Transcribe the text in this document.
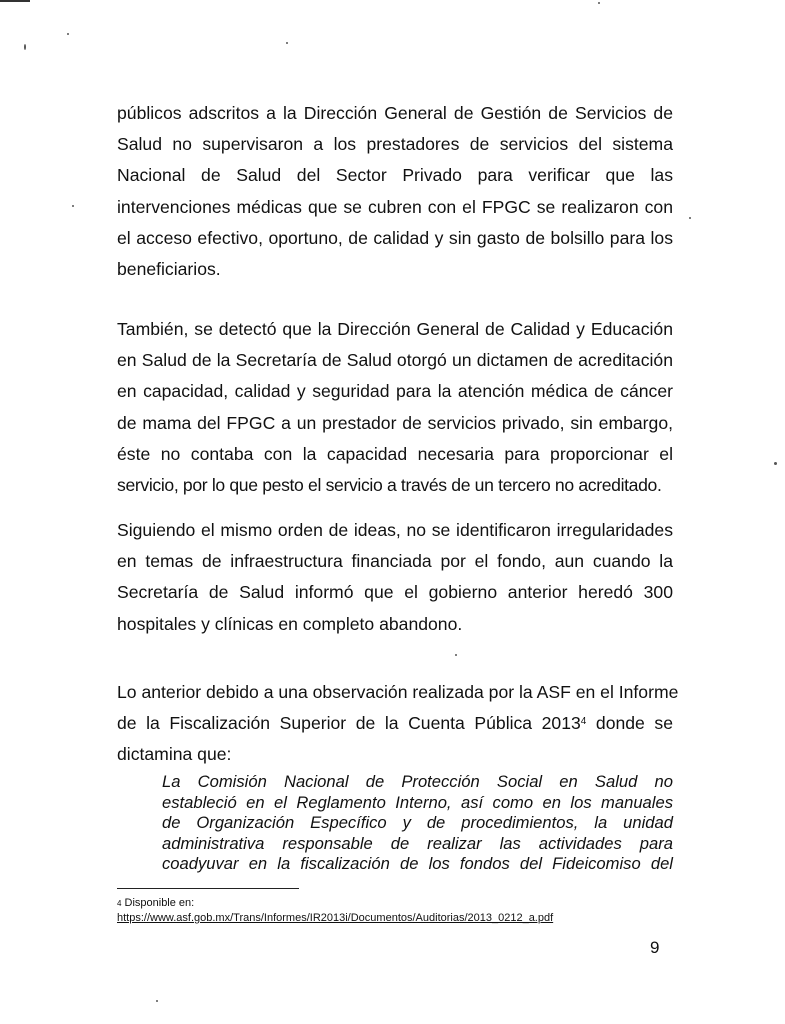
públicos adscritos a la Dirección General de Gestión de Servicios de
Salud no supervisaron a los prestadores de servicios del sistema
Nacional de Salud del Sector Privado para verificar que las
intervenciones médicas que se cubren con el FPGC se realizaron con
el acceso efectivo, oportuno, de calidad y sin gasto de bolsillo para los
beneficiarios.
También, se detectó que la Dirección General de Calidad y Educación
en Salud de la Secretaría de Salud otorgó un dictamen de acreditación
en capacidad, calidad y seguridad para la atención médica de cáncer
de mama del FPGC a un prestador de servicios privado, sin embargo,
éste no contaba con la capacidad necesaria para proporcionar el
servicio, por lo que pesto el servicio a través de un tercero no acreditado.
Siguiendo el mismo orden de ideas, no se identificaron irregularidades
en temas de infraestructura financiada por el fondo, aun cuando la
Secretaría de Salud informó que el gobierno anterior heredó 300
hospitales y clínicas en completo abandono.
Lo anterior debido a una observación realizada por la ASF en el Informe
de la Fiscalización Superior de la Cuenta Pública 2013$^4$ donde se
dictamina que:
La Comisión Nacional de Protección Social en Salud no
estableció en el Reglamento Interno, así como en los manuales
de Organización Específico y de procedimientos, la unidad
administrativa responsable de realizar las actividades para
coadyuvar en la fiscalización de los fondos del Fideicomiso del
$^4$ Disponible en:
https://www.asf.gob.mx/Trans/Informes/IR2013i/Documentos/Auditorias/2013_0212_a.pdf
9
